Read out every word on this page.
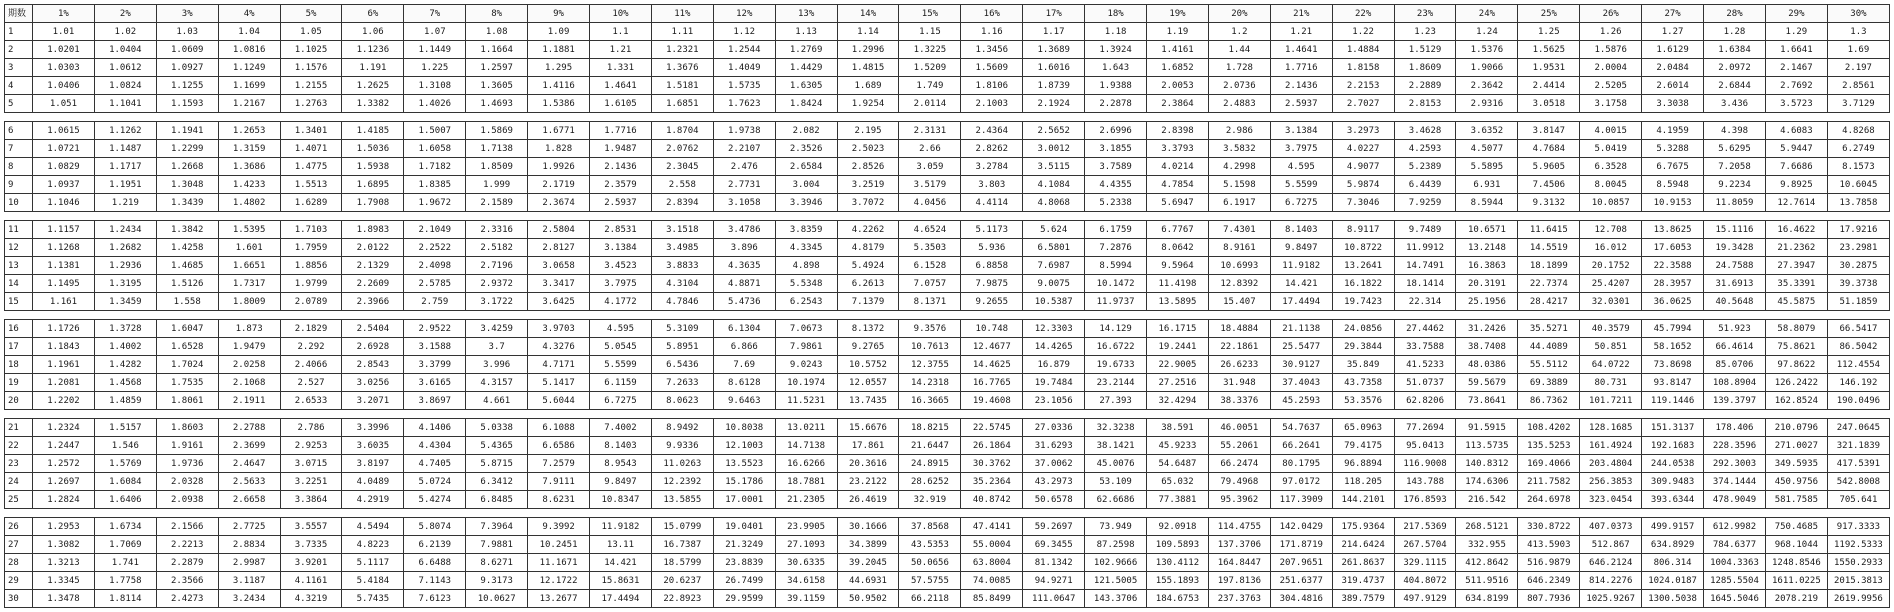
期数	1%	2%	3%	4%	5%	6%	7%	8%	9%	10%	11%	12%	13%	14%	15%	16%	17%	18%	19%	20%	21%	22%	23%	24%	25%	26%	27%	28%	29%	30%
1	1.01	1.02	1.03	1.04	1.05	1.06	1.07	1.08	1.09	1.1	1.11	1.12	1.13	1.14	1.15	1.16	1.17	1.18	1.19	1.2	1.21	1.22	1.23	1.24	1.25	1.26	1.27	1.28	1.29	1.3
2	1.0201	1.0404	1.0609	1.0816	1.1025	1.1236	1.1449	1.1664	1.1881	1.21	1.2321	1.2544	1.2769	1.2996	1.3225	1.3456	1.3689	1.3924	1.4161	1.44	1.4641	1.4884	1.5129	1.5376	1.5625	1.5876	1.6129	1.6384	1.6641	1.69
3	1.0303	1.0612	1.0927	1.1249	1.1576	1.191	1.225	1.2597	1.295	1.331	1.3676	1.4049	1.4429	1.4815	1.5209	1.5609	1.6016	1.643	1.6852	1.728	1.7716	1.8158	1.8609	1.9066	1.9531	2.0004	2.0484	2.0972	2.1467	2.197
4	1.0406	1.0824	1.1255	1.1699	1.2155	1.2625	1.3108	1.3605	1.4116	1.4641	1.5181	1.5735	1.6305	1.689	1.749	1.8106	1.8739	1.9388	2.0053	2.0736	2.1436	2.2153	2.2889	2.3642	2.4414	2.5205	2.6014	2.6844	2.7692	2.8561
5	1.051	1.1041	1.1593	1.2167	1.2763	1.3382	1.4026	1.4693	1.5386	1.6105	1.6851	1.7623	1.8424	1.9254	2.0114	2.1003	2.1924	2.2878	2.3864	2.4883	2.5937	2.7027	2.8153	2.9316	3.0518	3.1758	3.3038	3.436	3.5723	3.7129

6	1.0615	1.1262	1.1941	1.2653	1.3401	1.4185	1.5007	1.5869	1.6771	1.7716	1.8704	1.9738	2.082	2.195	2.3131	2.4364	2.5652	2.6996	2.8398	2.986	3.1384	3.2973	3.4628	3.6352	3.8147	4.0015	4.1959	4.398	4.6083	4.8268
7	1.0721	1.1487	1.2299	1.3159	1.4071	1.5036	1.6058	1.7138	1.828	1.9487	2.0762	2.2107	2.3526	2.5023	2.66	2.8262	3.0012	3.1855	3.3793	3.5832	3.7975	4.0227	4.2593	4.5077	4.7684	5.0419	5.3288	5.6295	5.9447	6.2749
8	1.0829	1.1717	1.2668	1.3686	1.4775	1.5938	1.7182	1.8509	1.9926	2.1436	2.3045	2.476	2.6584	2.8526	3.059	3.2784	3.5115	3.7589	4.0214	4.2998	4.595	4.9077	5.2389	5.5895	5.9605	6.3528	6.7675	7.2058	7.6686	8.1573
9	1.0937	1.1951	1.3048	1.4233	1.5513	1.6895	1.8385	1.999	2.1719	2.3579	2.558	2.7731	3.004	3.2519	3.5179	3.803	4.1084	4.4355	4.7854	5.1598	5.5599	5.9874	6.4439	6.931	7.4506	8.0045	8.5948	9.2234	9.8925	10.6045
10	1.1046	1.219	1.3439	1.4802	1.6289	1.7908	1.9672	2.1589	2.3674	2.5937	2.8394	3.1058	3.3946	3.7072	4.0456	4.4114	4.8068	5.2338	5.6947	6.1917	6.7275	7.3046	7.9259	8.5944	9.3132	10.0857	10.9153	11.8059	12.7614	13.7858

11	1.1157	1.2434	1.3842	1.5395	1.7103	1.8983	2.1049	2.3316	2.5804	2.8531	3.1518	3.4786	3.8359	4.2262	4.6524	5.1173	5.624	6.1759	6.7767	7.4301	8.1403	8.9117	9.7489	10.6571	11.6415	12.708	13.8625	15.1116	16.4622	17.9216
12	1.1268	1.2682	1.4258	1.601	1.7959	2.0122	2.2522	2.5182	2.8127	3.1384	3.4985	3.896	4.3345	4.8179	5.3503	5.936	6.5801	7.2876	8.0642	8.9161	9.8497	10.8722	11.9912	13.2148	14.5519	16.012	17.6053	19.3428	21.2362	23.2981
13	1.1381	1.2936	1.4685	1.6651	1.8856	2.1329	2.4098	2.7196	3.0658	3.4523	3.8833	4.3635	4.898	5.4924	6.1528	6.8858	7.6987	8.5994	9.5964	10.6993	11.9182	13.2641	14.7491	16.3863	18.1899	20.1752	22.3588	24.7588	27.3947	30.2875
14	1.1495	1.3195	1.5126	1.7317	1.9799	2.2609	2.5785	2.9372	3.3417	3.7975	4.3104	4.8871	5.5348	6.2613	7.0757	7.9875	9.0075	10.1472	11.4198	12.8392	14.421	16.1822	18.1414	20.3191	22.7374	25.4207	28.3957	31.6913	35.3391	39.3738
15	1.161	1.3459	1.558	1.8009	2.0789	2.3966	2.759	3.1722	3.6425	4.1772	4.7846	5.4736	6.2543	7.1379	8.1371	9.2655	10.5387	11.9737	13.5895	15.407	17.4494	19.7423	22.314	25.1956	28.4217	32.0301	36.0625	40.5648	45.5875	51.1859

16	1.1726	1.3728	1.6047	1.873	2.1829	2.5404	2.9522	3.4259	3.9703	4.595	5.3109	6.1304	7.0673	8.1372	9.3576	10.748	12.3303	14.129	16.1715	18.4884	21.1138	24.0856	27.4462	31.2426	35.5271	40.3579	45.7994	51.923	58.8079	66.5417
17	1.1843	1.4002	1.6528	1.9479	2.292	2.6928	3.1588	3.7	4.3276	5.0545	5.8951	6.866	7.9861	9.2765	10.7613	12.4677	14.4265	16.6722	19.2441	22.1861	25.5477	29.3844	33.7588	38.7408	44.4089	50.851	58.1652	66.4614	75.8621	86.5042
18	1.1961	1.4282	1.7024	2.0258	2.4066	2.8543	3.3799	3.996	4.7171	5.5599	6.5436	7.69	9.0243	10.5752	12.3755	14.4625	16.879	19.6733	22.9005	26.6233	30.9127	35.849	41.5233	48.0386	55.5112	64.0722	73.8698	85.0706	97.8622	112.4554
19	1.2081	1.4568	1.7535	2.1068	2.527	3.0256	3.6165	4.3157	5.1417	6.1159	7.2633	8.6128	10.1974	12.0557	14.2318	16.7765	19.7484	23.2144	27.2516	31.948	37.4043	43.7358	51.0737	59.5679	69.3889	80.731	93.8147	108.8904	126.2422	146.192
20	1.2202	1.4859	1.8061	2.1911	2.6533	3.2071	3.8697	4.661	5.6044	6.7275	8.0623	9.6463	11.5231	13.7435	16.3665	19.4608	23.1056	27.393	32.4294	38.3376	45.2593	53.3576	62.8206	73.8641	86.7362	101.7211	119.1446	139.3797	162.8524	190.0496

21	1.2324	1.5157	1.8603	2.2788	2.786	3.3996	4.1406	5.0338	6.1088	7.4002	8.9492	10.8038	13.0211	15.6676	18.8215	22.5745	27.0336	32.3238	38.591	46.0051	54.7637	65.0963	77.2694	91.5915	108.4202	128.1685	151.3137	178.406	210.0796	247.0645
22	1.2447	1.546	1.9161	2.3699	2.9253	3.6035	4.4304	5.4365	6.6586	8.1403	9.9336	12.1003	14.7138	17.861	21.6447	26.1864	31.6293	38.1421	45.9233	55.2061	66.2641	79.4175	95.0413	113.5735	135.5253	161.4924	192.1683	228.3596	271.0027	321.1839
23	1.2572	1.5769	1.9736	2.4647	3.0715	3.8197	4.7405	5.8715	7.2579	8.9543	11.0263	13.5523	16.6266	20.3616	24.8915	30.3762	37.0062	45.0076	54.6487	66.2474	80.1795	96.8894	116.9008	140.8312	169.4066	203.4804	244.0538	292.3003	349.5935	417.5391
24	1.2697	1.6084	2.0328	2.5633	3.2251	4.0489	5.0724	6.3412	7.9111	9.8497	12.2392	15.1786	18.7881	23.2122	28.6252	35.2364	43.2973	53.109	65.032	79.4968	97.0172	118.205	143.788	174.6306	211.7582	256.3853	309.9483	374.1444	450.9756	542.8008
25	1.2824	1.6406	2.0938	2.6658	3.3864	4.2919	5.4274	6.8485	8.6231	10.8347	13.5855	17.0001	21.2305	26.4619	32.919	40.8742	50.6578	62.6686	77.3881	95.3962	117.3909	144.2101	176.8593	216.542	264.6978	323.0454	393.6344	478.9049	581.7585	705.641

26	1.2953	1.6734	2.1566	2.7725	3.5557	4.5494	5.8074	7.3964	9.3992	11.9182	15.0799	19.0401	23.9905	30.1666	37.8568	47.4141	59.2697	73.949	92.0918	114.4755	142.0429	175.9364	217.5369	268.5121	330.8722	407.0373	499.9157	612.9982	750.4685	917.3333
27	1.3082	1.7069	2.2213	2.8834	3.7335	4.8223	6.2139	7.9881	10.2451	13.11	16.7387	21.3249	27.1093	34.3899	43.5353	55.0004	69.3455	87.2598	109.5893	137.3706	171.8719	214.6424	267.5704	332.955	413.5903	512.867	634.8929	784.6377	968.1044	1192.5333
28	1.3213	1.741	2.2879	2.9987	3.9201	5.1117	6.6488	8.6271	11.1671	14.421	18.5799	23.8839	30.6335	39.2045	50.0656	63.8004	81.1342	102.9666	130.4112	164.8447	207.9651	261.8637	329.1115	412.8642	516.9879	646.2124	806.314	1004.3363	1248.8546	1550.2933
29	1.3345	1.7758	2.3566	3.1187	4.1161	5.4184	7.1143	9.3173	12.1722	15.8631	20.6237	26.7499	34.6158	44.6931	57.5755	74.0085	94.9271	121.5005	155.1893	197.8136	251.6377	319.4737	404.8072	511.9516	646.2349	814.2276	1024.0187	1285.5504	1611.0225	2015.3813
30	1.3478	1.8114	2.4273	3.2434	4.3219	5.7435	7.6123	10.0627	13.2677	17.4494	22.8923	29.9599	39.1159	50.9502	66.2118	85.8499	111.0647	143.3706	184.6753	237.3763	304.4816	389.7579	497.9129	634.8199	807.7936	1025.9267	1300.5038	1645.5046	2078.219	2619.9956
